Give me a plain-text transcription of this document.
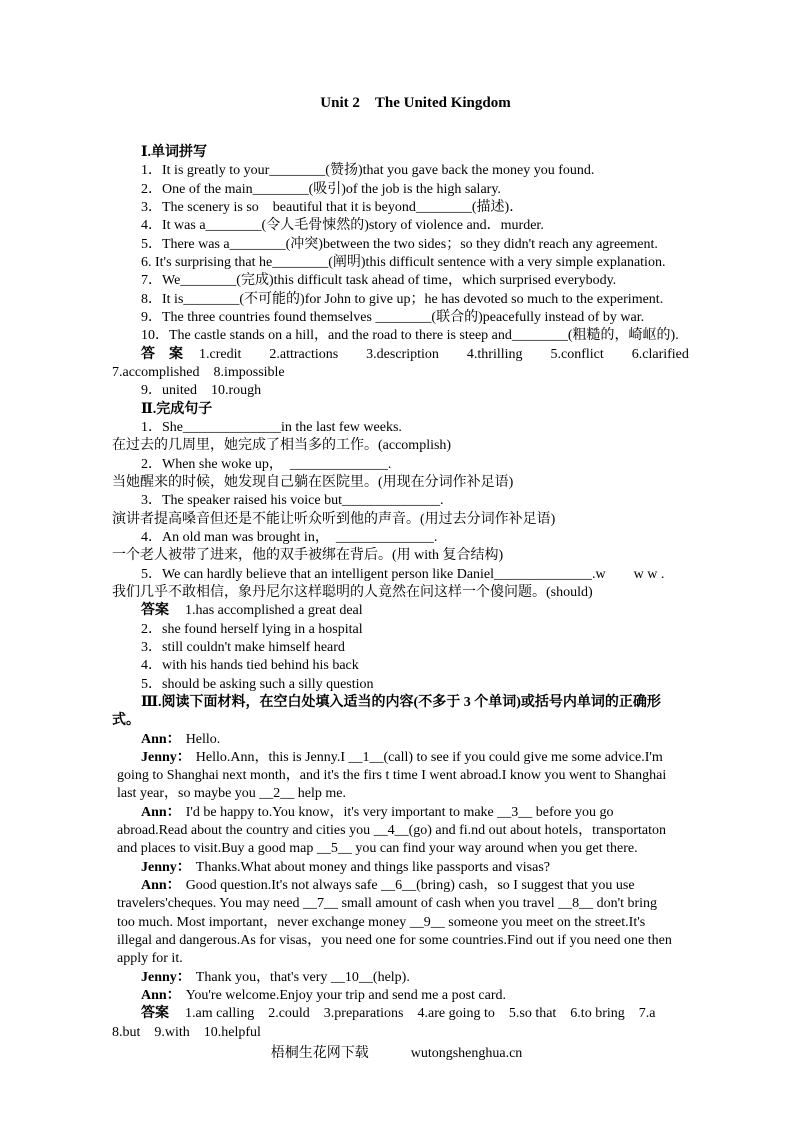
Unit 2　The United Kingdom
Ⅰ.单词拼写
1．It is greatly to your________(赞扬)that you gave back the money you found.
2．One of the main________(吸引)of the job is the high salary.
3．The scenery is so　beautiful that it is beyond________(描述)．
4．It was a________(令人毛骨悚然的)story of violence and．murder.
5．There was a________(冲突)between the two sides；so they didn't reach any agreement.
6. It's surprising that he________(阐明)this difficult sentence with a very simple explanation.
7．We________(完成)this difficult task ahead of time，which surprised everybody.
8．It is________(不可能的)for John to give up；he has devoted so much to the experiment.
9．The three countries found themselves ________(联合的)peacefully instead of by war.
10．The castle stands on a hill，and the road to there is steep and________(粗糙的，崎岖的).
答　案　1.credit　　2.attractions　　3.description　　4.thrilling　　5.conflict　　6.clarified
7.accomplished　8.impossible
9．united　10.rough
Ⅱ.完成句子
1．She______________in the last few weeks.
在过去的几周里，她完成了相当多的工作。(accomplish)
2．When she woke up，　______________.
当她醒来的时候，她发现自己躺在医院里。(用现在分词作补足语)
3．The speaker raised his voice but______________.
演讲者提高嗓音但还是不能让听众听到他的声音。(用过去分词作补足语)
4．An old man was brought in，　______________.
一个老人被带了进来，他的双手被绑在背后。(用 with 复合结构)
5．We can hardly believe that an intelligent person like Daniel______________.w　　w w .
我们几乎不敢相信，象丹尼尔这样聪明的人竟然在问这样一个傻问题。(should)
答案　1.has accomplished a great deal
2．she found herself lying in a hospital
3．still couldn't make himself heard
4．with his hands tied behind his back
5．should be asking such a silly question
Ⅲ.阅读下面材料，在空白处填入适当的内容(不多于 3 个单词)或括号内单词的正确形
式。
Ann： Hello.
Jenny： Hello.Ann，this is Jenny.I __1__(call) to see if you could give me some advice.I'm
going to Shanghai next month，and it's the firs t time I went abroad.I know you went to Shanghai
last year，so maybe you __2__ help me.
Ann： I'd be happy to.You know，it's very important to make __3__ before you go
abroad.Read about the country and cities you __4__(go) and fi.nd out about hotels，transportaton
and places to visit.Buy a good map __5__ you can find your way around when you get there.
Jenny： Thanks.What about money and things like passports and visas?
Ann： Good question.It's not always safe __6__(bring) cash，so I suggest that you use
travelers'cheques. You may need __7__ small amount of cash when you travel __8__ don't bring
too much. Most important，never exchange money __9__ someone you meet on the street.It's
illegal and dangerous.As for visas，you need one for some countries.Find out if you need one then
apply for it.
Jenny： Thank you，that's very __10__(help).
Ann： You're welcome.Enjoy your trip and send me a post card.
答案　1.am calling　2.could　3.preparations　4.are going to　5.so that　6.to bring　7.a
8.but　9.with　10.helpful
梧桐生花网下载	wutongshenghua.cn
